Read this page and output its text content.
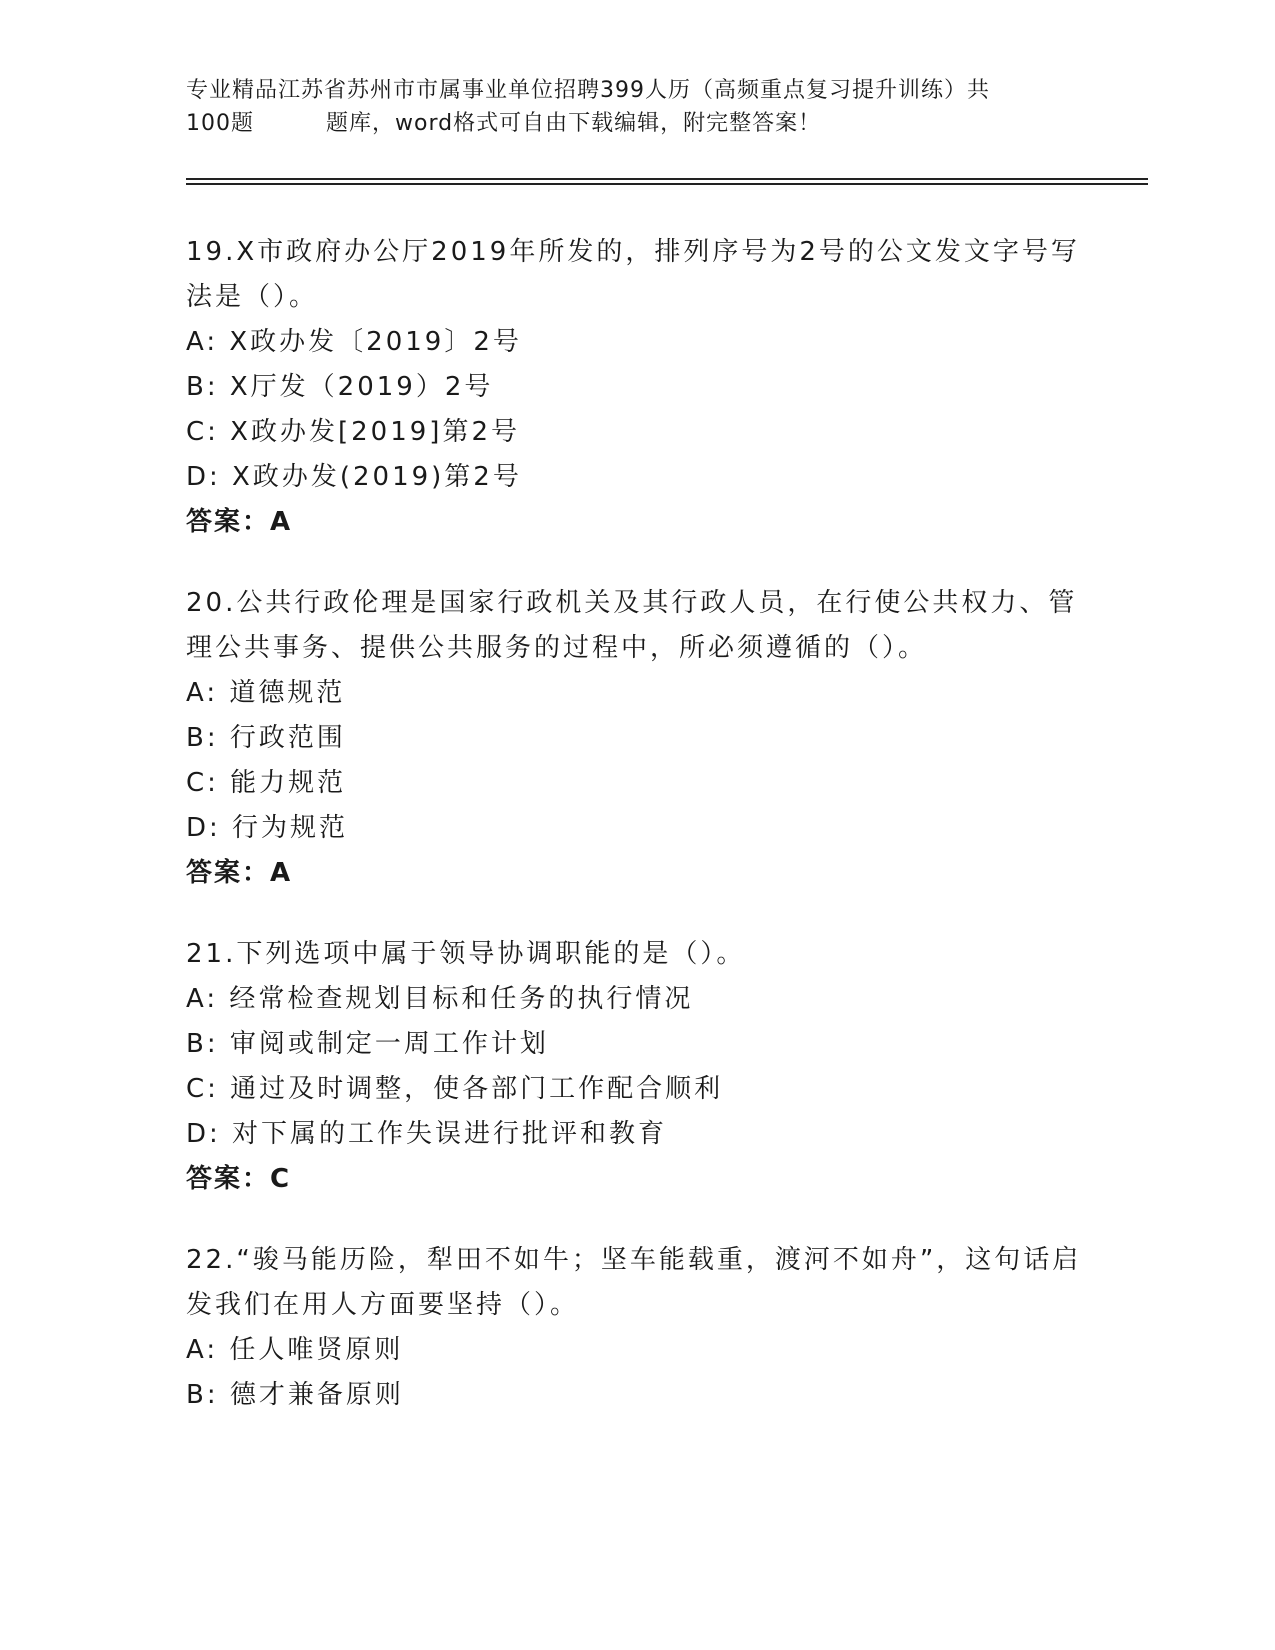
专业精品江苏省苏州市市属事业单位招聘399人历（高频重点复习提升训练）共
100题	题库，word格式可自由下载编辑，附完整答案！
19.X市政府办公厅2019年所发的，排列序号为2号的公文发文字号写法是（）。
A: X政办发〔2019〕2号
B: X厅发（2019）2号
C: X政办发[2019]第2号
D: X政办发(2019)第2号
答案：A
20.公共行政伦理是国家行政机关及其行政人员，在行使公共权力、管理公共事务、提供公共服务的过程中，所必须遵循的（）。
A: 道德规范
B: 行政范围
C: 能力规范
D: 行为规范
答案：A
21.下列选项中属于领导协调职能的是（）。
A: 经常检查规划目标和任务的执行情况
B: 审阅或制定一周工作计划
C: 通过及时调整，使各部门工作配合顺利
D: 对下属的工作失误进行批评和教育
答案：C
22.“骏马能历险，犁田不如牛；坚车能载重，渡河不如舟”，这句话启发我们在用人方面要坚持（）。
A: 任人唯贤原则
B: 德才兼备原则
